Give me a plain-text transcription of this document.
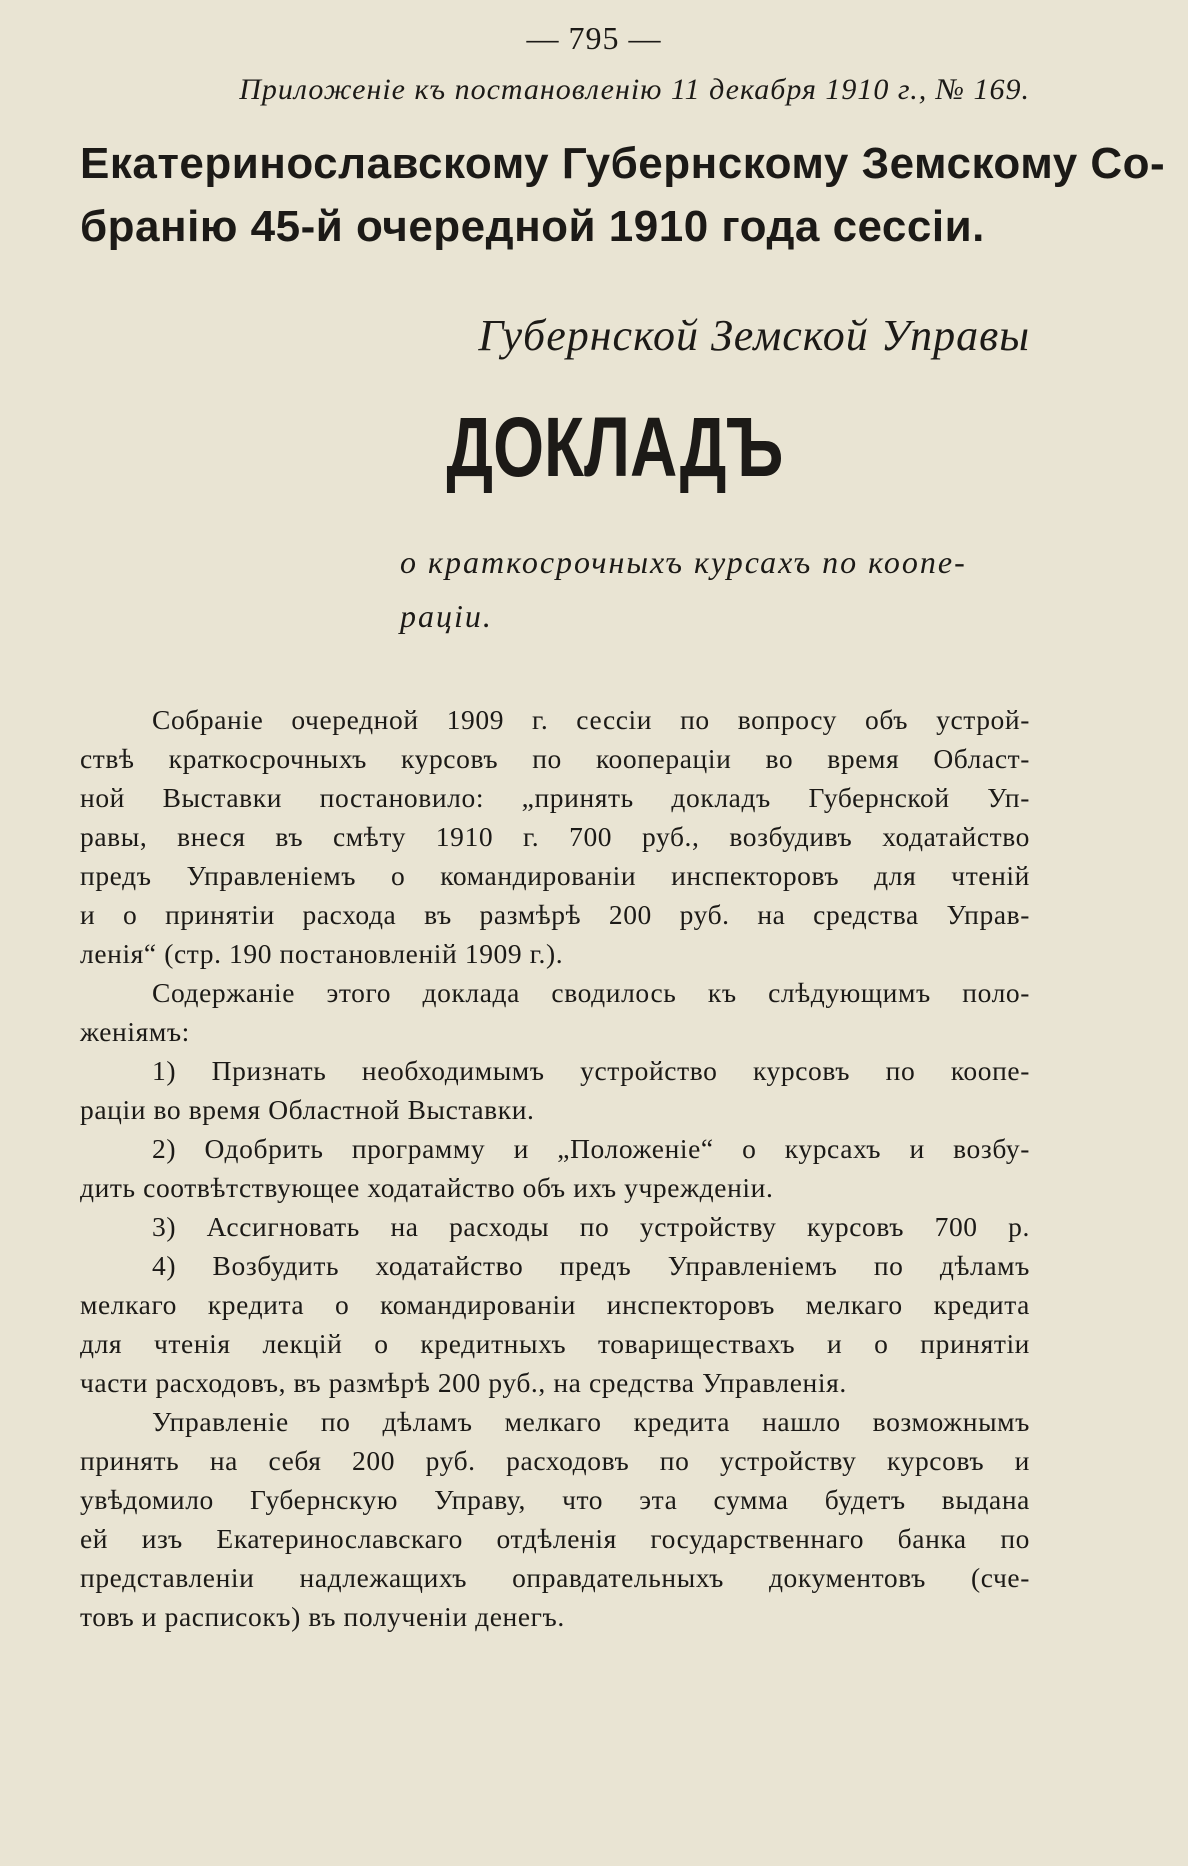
— 795 —
Приложенiе къ постановленiю 11 декабря 1910 г., № 169.
Екатеринославскому Губернскому Земскому Со-
бранiю 45-й очередной 1910 года сессiи.
Губернской Земской Управы
ДОКЛАДЪ
о краткосрочныхъ курсахъ по коопе-
рацiи.
Собранiе очередной 1909 г. сессiи по вопросу объ устрой-
ствѣ краткосрочныхъ курсовъ по кооперацiи во время Област-
ной Выставки постановило: „принять докладъ Губернской Уп-
равы, внеся въ смѣту 1910 г. 700 руб., возбудивъ ходатайство
предъ Управленiемъ о командированiи инспекторовъ для чтенiй
и о принятiи расхода въ размѣрѣ 200 руб. на средства Управ-
ленiя“ (стр. 190 постановленiй 1909 г.).
Содержанiе этого доклада сводилось къ слѣдующимъ поло-
женiямъ:
1) Признать необходимымъ устройство курсовъ по коопе-
рацiи во время Областной Выставки.
2) Одобрить программу и „Положенiе“ о курсахъ и возбу-
дить соотвѣтствующее ходатайство объ ихъ учрежденiи.
3) Ассигновать на расходы по устройству курсовъ 700 р.
4) Возбудить ходатайство предъ Управленiемъ по дѣламъ
мелкаго кредита о командированiи инспекторовъ мелкаго кредита
для чтенiя лекцiй о кредитныхъ товариществахъ и о принятiи
части расходовъ, въ размѣрѣ 200 руб., на средства Управленiя.
Управленiе по дѣламъ мелкаго кредита нашло возможнымъ
принять на себя 200 руб. расходовъ по устройству курсовъ и
увѣдомило Губернскую Управу, что эта сумма будетъ выдана
ей изъ Екатеринославскаго отдѣленiя государственнаго банка по
представленiи надлежащихъ оправдательныхъ документовъ (сче-
товъ и расписокъ) въ полученiи денегъ.
